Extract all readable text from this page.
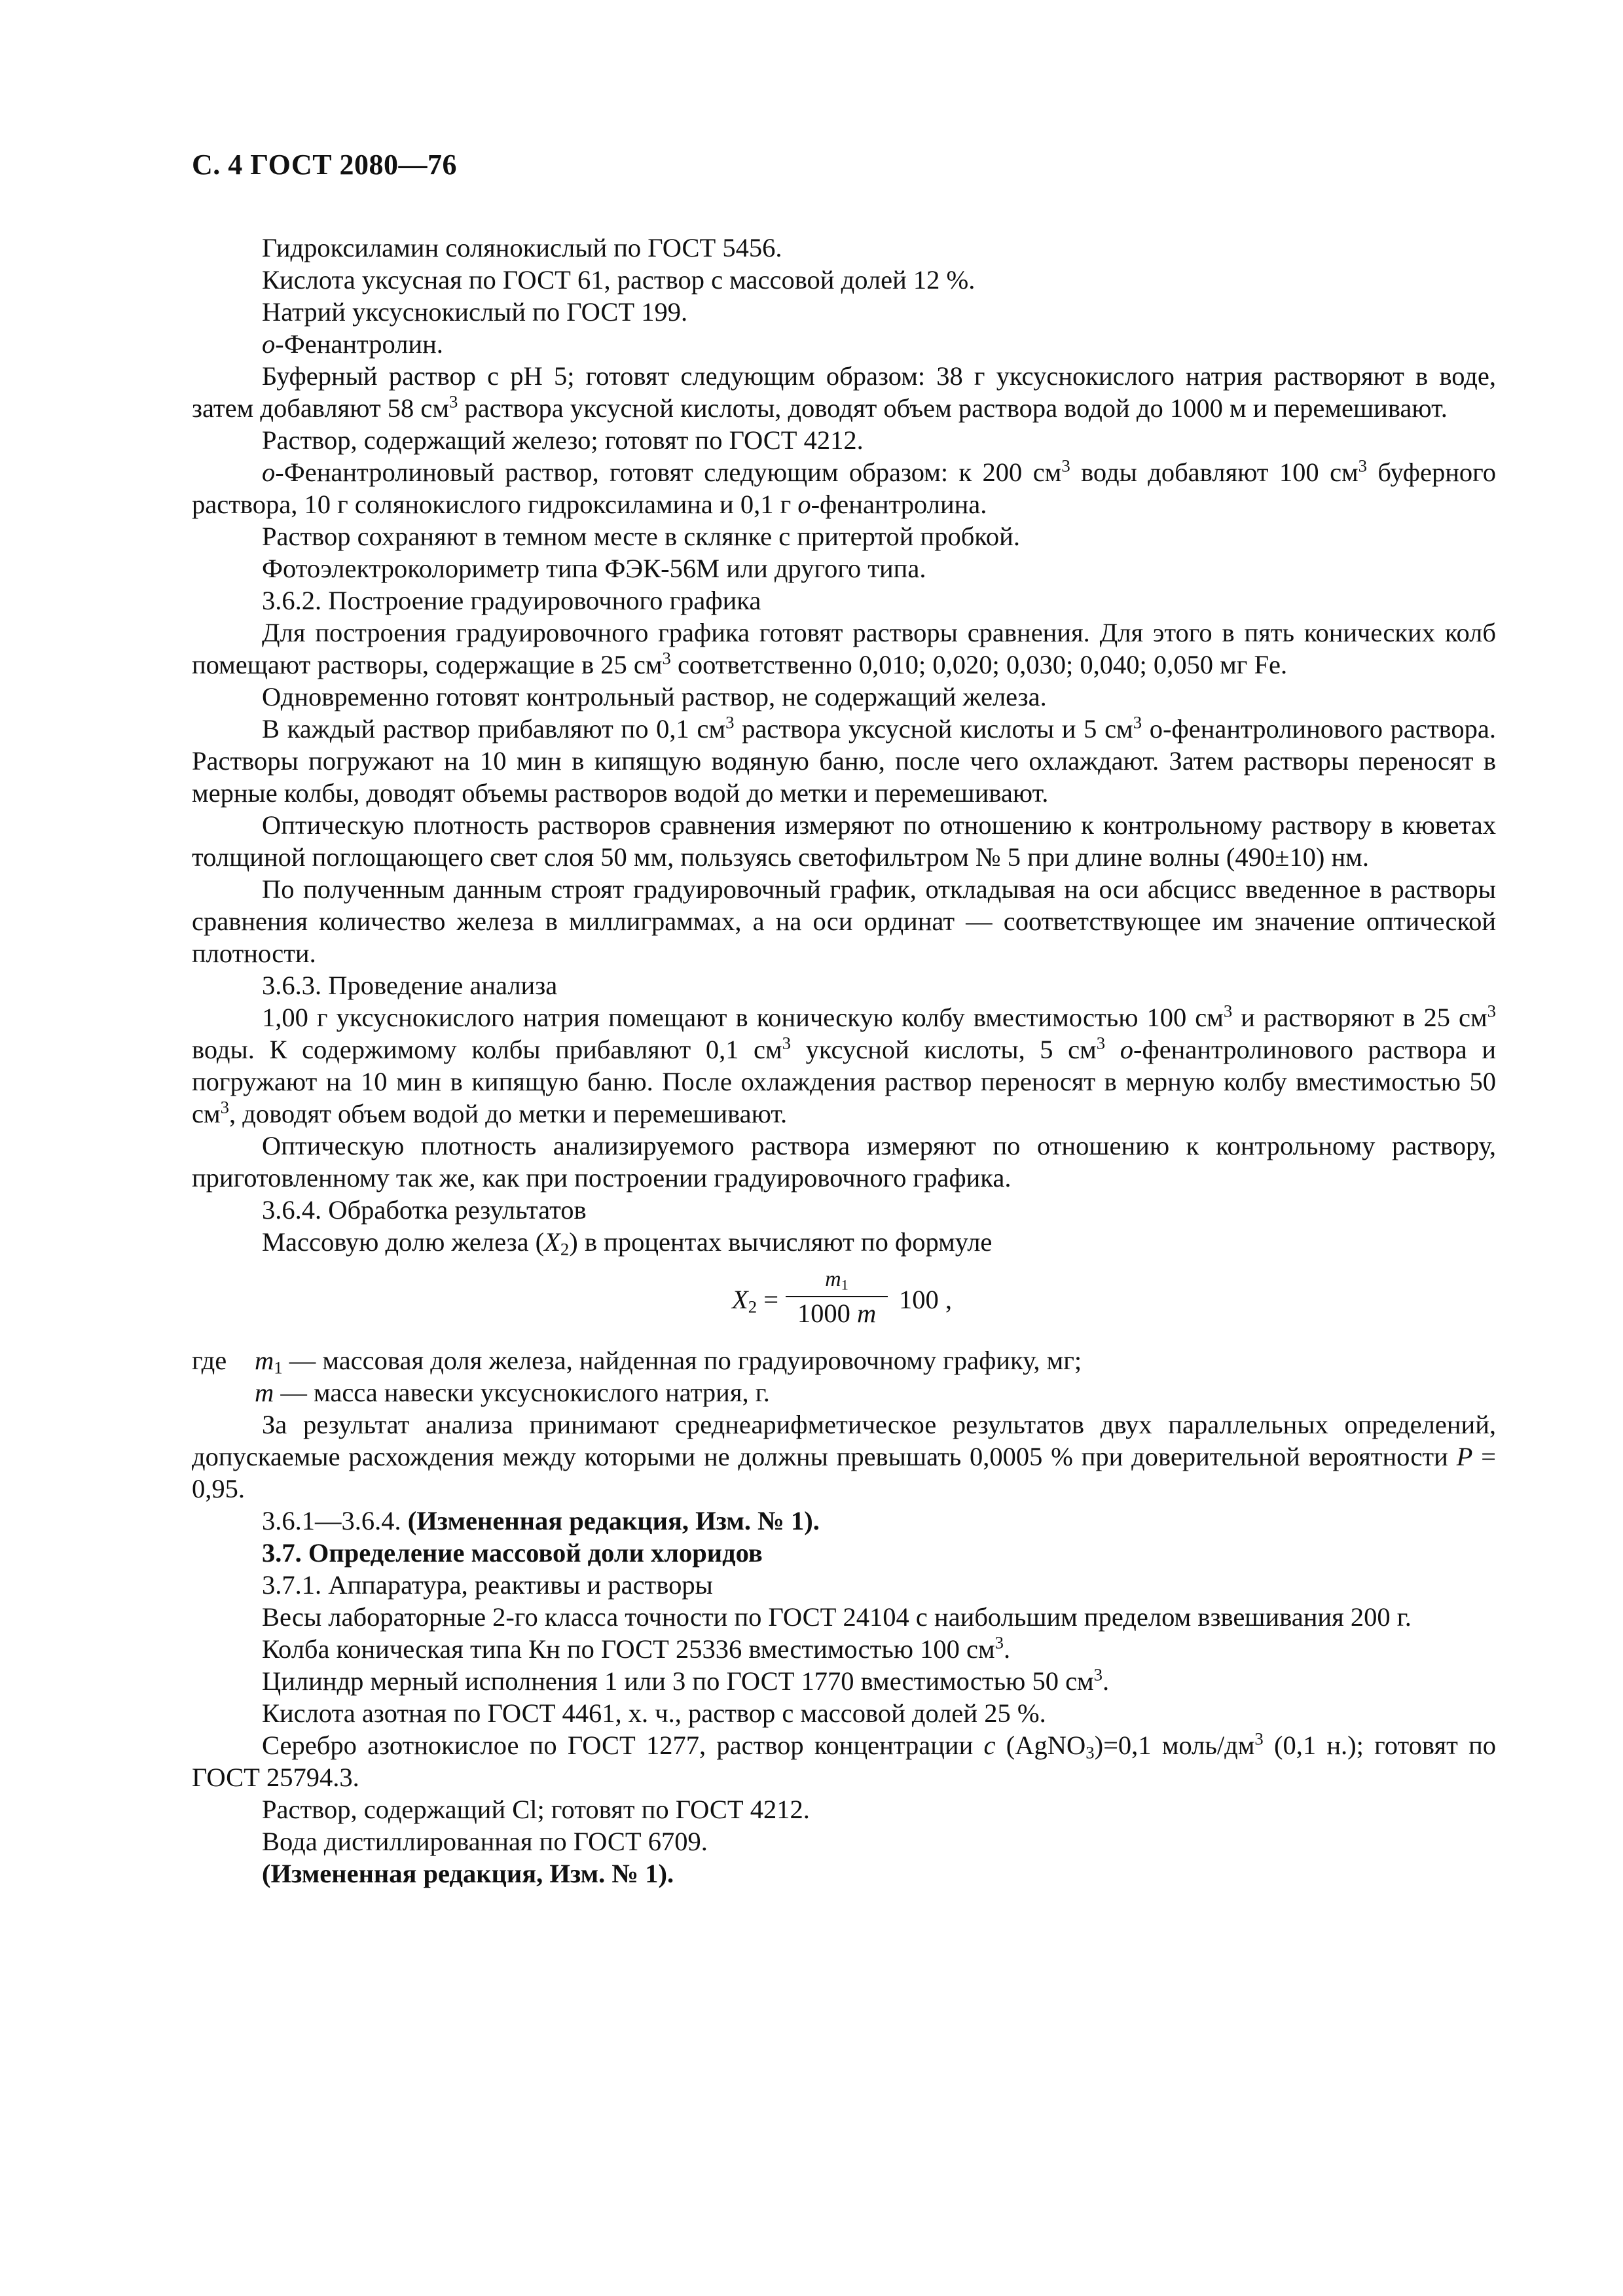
С. 4 ГОСТ 2080—76

Гидроксиламин солянокислый по ГОСТ 5456.

Кислота уксусная по ГОСТ 61, раствор с массовой долей 12 %.

Натрий уксуснокислый по ГОСТ 199.

о-Фенантролин.

Буферный раствор с pH 5; готовят следующим образом: 38 г уксуснокислого натрия растворяют в воде, затем добавляют 58 $см^3$ раствора уксусной кислоты, доводят объем раствора водой до 1000 м и перемешивают.

Раствор, содержащий железо; готовят по ГОСТ 4212.

о-Фенантролиновый раствор, готовят следующим образом: к 200 $см^3$ воды добавляют 100 $см^3$ буферного раствора, 10 г солянокислого гидроксиламина и 0,1 г о-фенантролина.

Раствор сохраняют в темном месте в склянке с притертой пробкой.

Фотоэлектроколориметр типа ФЭК-56М или другого типа.

3.6.2. Построение градуировочного графика

Для построения градуировочного графика готовят растворы сравнения. Для этого в пять конических колб помещают растворы, содержащие в 25 $см^3$ соответственно 0,010; 0,020; 0,030; 0,040; 0,050 мг Fe.

Одновременно готовят контрольный раствор, не содержащий железа.

В каждый раствор прибавляют по 0,1 $см^3$ раствора уксусной кислоты и 5 $см^3$ о-фенантролинового раствора. Растворы погружают на 10 мин в кипящую водяную баню, после чего охлаждают. Затем растворы переносят в мерные колбы, доводят объемы растворов водой до метки и перемешивают.

Оптическую плотность растворов сравнения измеряют по отношению к контрольному раствору в кюветах толщиной поглощающего свет слоя 50 мм, пользуясь светофильтром № 5 при длине волны (490±10) нм.

По полученным данным строят градуировочный график, откладывая на оси абсцисс введенное в растворы сравнения количество железа в миллиграммах, а на оси ординат — соответствующее им значение оптической плотности.

3.6.3. Проведение анализа

1,00 г уксуснокислого натрия помещают в коническую колбу вместимостью 100 $см^3$ и растворяют в 25 $см^3$ воды. К содержимому колбы прибавляют 0,1 $см^3$ уксусной кислоты, 5 $см^3$ о-фенантролинового раствора и погружают на 10 мин в кипящую баню. После охлаждения раствор переносят в мерную колбу вместимостью 50 $см^3$, доводят объем водой до метки и перемешивают.

Оптическую плотность анализируемого раствора измеряют по отношению к контрольному раствору, приготовленному так же, как при построении градуировочного графика.

3.6.4. Обработка результатов

Массовую долю железа $(X_2)$ в процентах вычисляют по формуле

$X_2$ =
$m_1$
1000 m 100 ,
где $m_1$ — массовая доля железа, найденная по градуировочному графику, мг;
m — масса навески уксуснокислого натрия, г.

За результат анализа принимают среднеарифметическое результатов двух параллельных определений, допускаемые расхождения между которыми не должны превышать 0,0005 % при доверительной вероятности P = 0,95.

3.6.1—3.6.4. (Измененная редакция, Изм. № 1).

3.7. Определение массовой доли хлоридов

3.7.1. Аппаратура, реактивы и растворы

Весы лабораторные 2-го класса точности по ГОСТ 24104 с наибольшим пределом взвешивания 200 г.

Колба коническая типа Кн по ГОСТ 25336 вместимостью 100 $см^3$.

Цилиндр мерный исполнения 1 или 3 по ГОСТ 1770 вместимостью 50 $см^3$.

Кислота азотная по ГОСТ 4461, х. ч., раствор с массовой долей 25 %.

Серебро азотнокислое по ГОСТ 1277, раствор концентрации c (AgNO$_3$)=0,1 моль/$дм^3$ (0,1 н.); готовят по ГОСТ 25794.3.

Раствор, содержащий Cl; готовят по ГОСТ 4212.

Вода дистиллированная по ГОСТ 6709.

(Измененная редакция, Изм. № 1).
